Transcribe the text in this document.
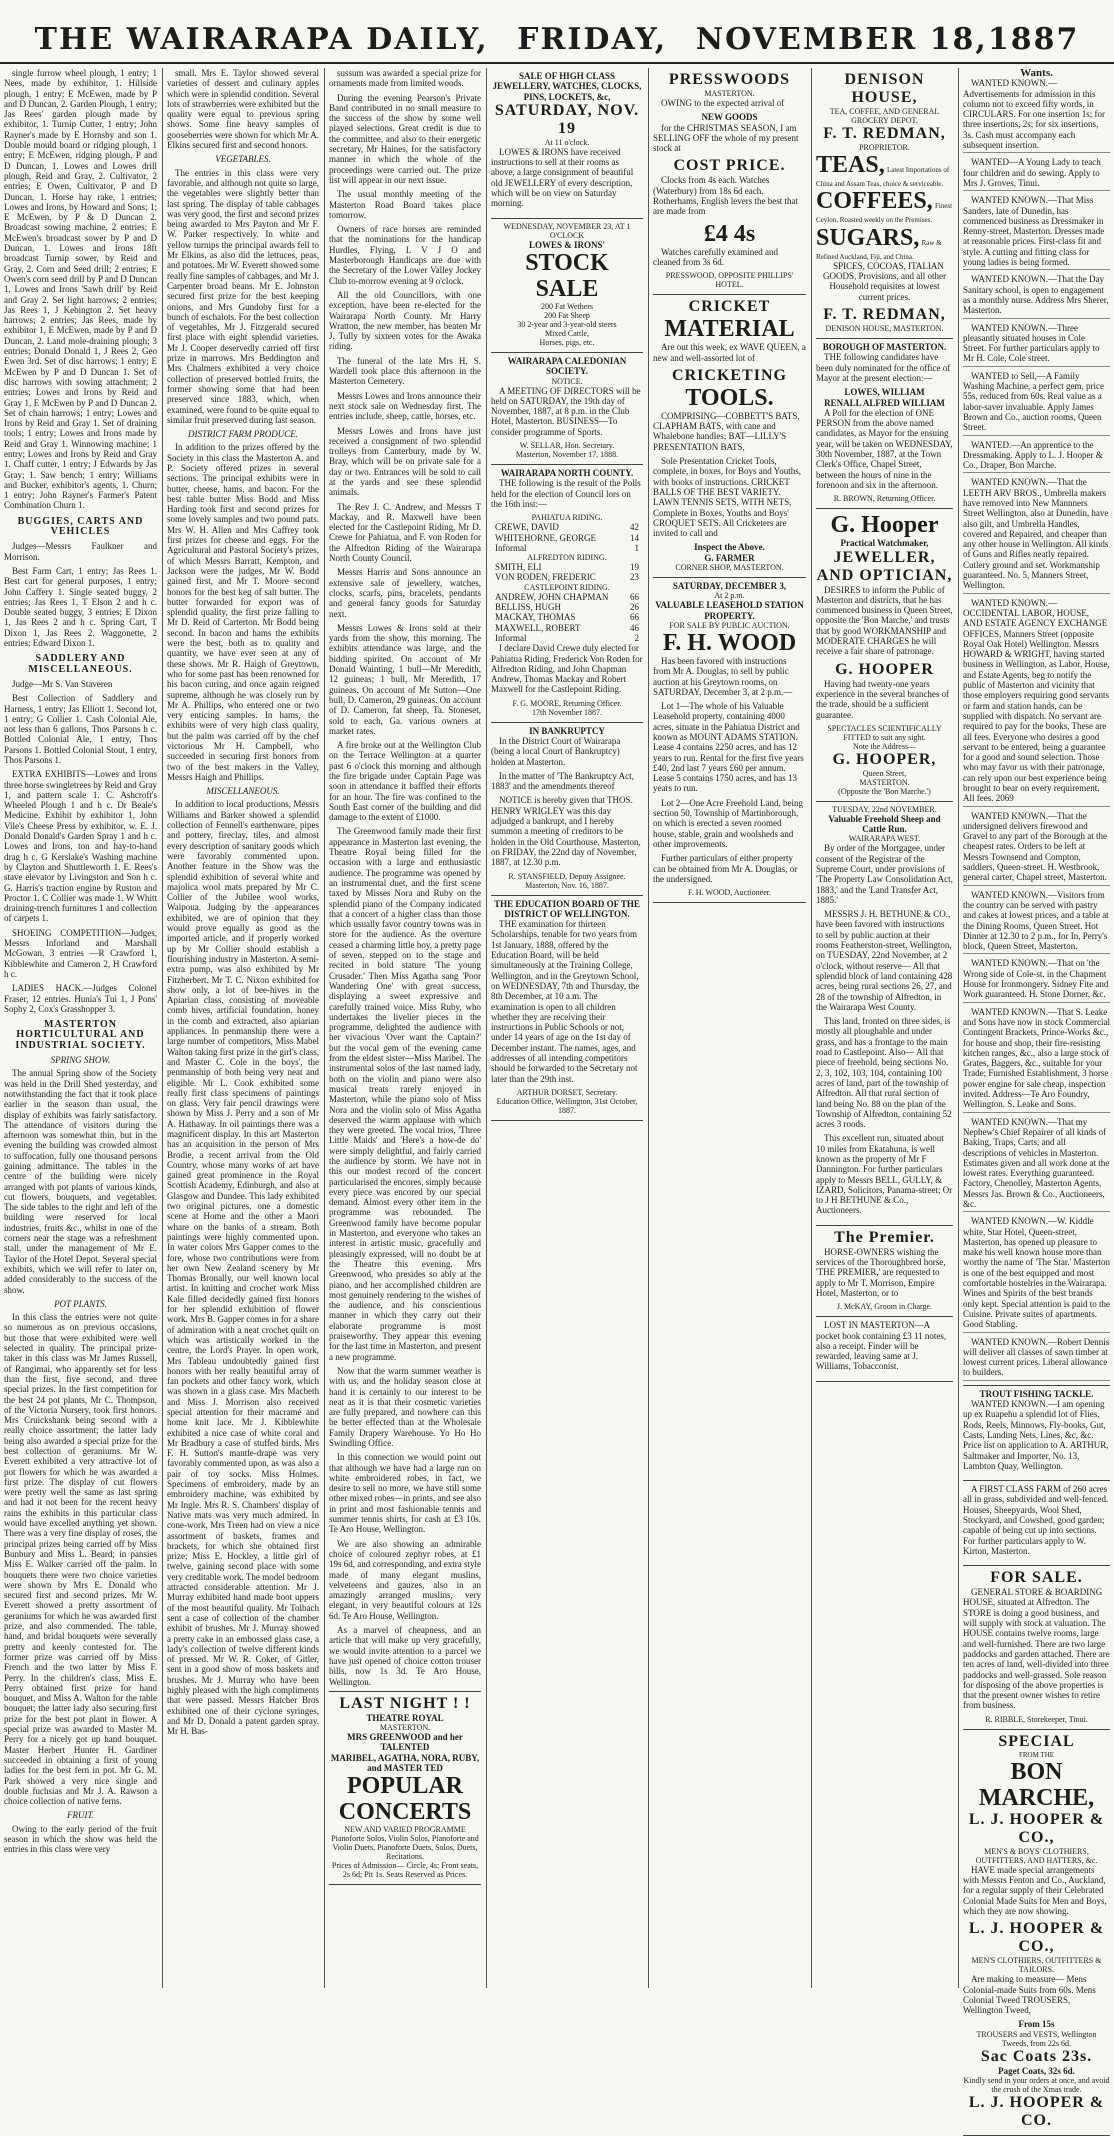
THE WAIRARAPA DAILY, FRIDAY, NOVEMBER 18,1887

single furrow wheel plough, 1 entry; 1 Nees, made by exhibitor, 1. Hillside plough, 1 entry; E McEwen, made by P and D Duncan, 2. Garden Plough, 1 entry; Jas Rees' garden plough made by exhibitor, 1. Turnip Cutter, 1 entry; John Rayner's made by E Hornsby and son 1. Double mould board or ridging plough, 1 entry; E McEwen, ridging plough, P and D Duncan, 1. Lowes and Lowes drill plough, Reid and Gray, 2. Cultivator, 2 entries; E Owen, Cultivator, P and D Duncan, 1. Horse hay rake, 1 entries; Lowes and Irons, by Howard and Sons; 1; E McEwen, by P & D Duncan 2. Broadcast sowing machine, 2 entries; E McEwen's broadcast sower by P and D Duncan, 1. Lowes and Irons 18ft broadcast Turnip sower, by Reid and Gray, 2. Corn and Seed drill; 2 entries; E Owen's corn seed drill by P and D Duncan 1, Lowes and Irons 'Sawh drill' by Reid and Gray 2. Set light harrows; 2 entries; Jas Rees 1, J Kebington 2. Set heavy harrows; 2 entries; Jas Rees, made by exhibitor 1, E McEwen, made by P and D Duncan, 2. Land mole-draining plough; 3 entries; Donald Donald 1, J Rees 2, Geo Ewen 3rd. Set of disc harrows; 1 entry; E McEwen by P and D Duncan 1. Set of disc harrows with sowing attachment; 2 entries; Lowes and Irons by Reid and Gray 1, E McEwen by P and D Duncan 2. Set of chain harrows; 1 entry; Lowes and Irons by Reid and Gray 1. Set of draining tools; 1 entry; Lowes and Irons made by Reid and Gray 1. Winnowing machine; 1 entry; Lowes and Irons by Reid and Gray 1. Chaff cutter, 1 entry; J Edwards by Jas Gray; 1. Saw bench; 1 entry; Williams and Bucker, exhibitor's agents, 1. Churn; 1 entry; John Rayner's Farmer's Patent Combination Churn 1.

BUGGIES, CARTS AND VEHICLES

Judges—Messrs Faulkner and Morrison.

Best Farm Cart, 1 entry; Jas Rees 1. Best cart for general purposes, 1 entry; John Caffery 1. Single seated buggy, 2 entries; Jas Rees 1, T Elson 2 and h c. Double seated buggy, 3 entries; E Dixon 1, Jas Rees 2 and h c. Spring Cart, T Dixon 1, Jas Rees 2. Waggonette, 2 entries; Edward Dixon 1.

SADDLERY AND MISCELLANEOUS.

Judge—Mr S. Van Staveren

Best Collection of Saddlery and Harness, 1 entry; Jas Elliott 1. Second lot, 1 entry; G Collier 1. Cash Colonial Ale, not less than 6 gallons, Thos Parsons h c. Bottled Colonial Ale, 1 entry, Thos Parsons 1. Bottled Colonial Stout, 1 entry, Thos Parsons 1.

EXTRA EXHIBITS—Lowes and Irons three horse swingletrees by Reid and Gray 1, and pattern scale 1. C. Ashcroft's Wheeled Plough 1 and h c. Dr Beale's Medicine. Exhibit by exhibitor 1, John Vile's Cheese Press by exhibitor, w. E. J. Donald Donald's Garden Spray 1 and h c. Lowes and Irons, ton and hay-to-hand drag h c. G Kerslake's Washing machine by Clayton and Shuttleworth 1. E. Rees's stave elevator by Livingston and Son h c. G. Harris's traction engine by Ruston and Proctor 1. C Collier was made 1. W Whitt draining-trench furnitures 1 and collection of carpets 1.

SHOEING COMPETITION—Judges, Messrs Inforland and Marshall McGowan, 3 entries —R Crawford 1, Kibblewhite and Cameron 2, H Crawford h c.

LADIES HACK.—Judges Colonel Fraser, 12 entries. Hunia's Tui 1, J Pons' Sophy 2, Cox's Grasshopper 3.

MASTERTON HORTICULTURAL AND INDUSTRIAL SOCIETY.
SPRING SHOW.

The annual Spring show of the Society was held in the Drill Shed yesterday, and notwithstanding the fact that it took place earlier in the season than usual, the display of exhibits was fairly satisfactory. The attendance of visitors during the afternoon was somewhat thin, but in the evening the building was crowded almost to suffocation, fully one thousand persons gaining admittance. The tables in the centre of the building were nicely arranged with pot plants of various kinds, cut flowers, bouquets, and vegetables. The side tables to the right and left of the building were reserved for local industries, fruits &c., whilst in one of the corners near the stage was a refreshment stall, under the management of Mr E. Taylor of the Hotel Depot. Several special exhibits, which we will refer to later on, added considerably to the success of the show.

POT PLANTS.

In this class the entries were not quite so numerous as on previous occasions, but those that were exhibited were well selected in quality. The principal prize-taker in this class was Mr James Russell, of Rangimai, who apparently set for less than the first, five second, and three special prizes. In the first competition for the best 24 pot plants, Mr C. Thompson, of the Victoria Nursery, took first honors. Mrs Cruickshank being second with a really choice assortment; the latter lady being also awarded a special prize for the best collection of geraniums. Mr W. Everett exhibited a very attractive lot of pot flowers for which he was awarded a first prize. The display of cut flowers were pretty well the same as last spring and had it not been for the recent heavy rains the exhibits in this particular class would have excelled anything yet shown. There was a very fine display of roses, the principal prizes being carried off by Miss Bunbury and Miss L. Beard; in pansies Miss E. Walker carried off the palm. In bouquets there were two choice varieties were shown by Mrs E. Donald who secured first and second prizes. Mr W. Everett showed a pretty assortment of geraniums for which he was awarded first prize, and also commended. The table, hand, and bridal bouquets were severally pretty and keenly contested for. The former prize was carried off by Miss French and the two latter by Miss F. Perry. In the children's class, Miss E. Perry obtained first prize for hand bouquet, and Miss A. Walton for the table bouquet; the latter lady also securing first prize for the best pot plant in flower. A special prize was awarded to Master M. Perry for a nicely got up hand bouquet. Master Herbert Hunter H. Gardiner succeeded in obtaining a first of young ladies for the best fern in pot. Mr G. M. Park showed a very nice single and double fuchsias and Mr J. A. Rawson a choice collection of native ferns.

FRUIT.

Owing to the early period of the fruit season in which the show was held the entries in this class were very

small. Mrs E. Taylor showed several varieties of dessert and culinary apples which were in splendid condition. Several lots of strawberries were exhibited but the quality were equal to previous spring shows. Some fine heavy samples of gooseberries were shown for which Mr A. Elkins secured first and second honors.

VEGETABLES.

The entries in this class were very favorable, and although not quite so large, the vegetables were slightly better than last spring. The display of table cabbages was very good, the first and second prizes being awarded to Mrs Payton and Mr F. W. Parker respectively. In white and yellow turnips the principal awards fell to Mr Elkins, as also did the lettuces, peas, and potatoes. Mr W. Everett showed some really fine samples of cabbages, and Mr J. Carpenter broad beans. Mr E. Johnston secured first prize for the best keeping onions, and Mrs Gundoby first for a bunch of eschalots. For the best collection of vegetables, Mr J. Fitzgerald secured first place with eight splendid varieties. Mr J. Cooper deservedly carried off first prize in marrows. Mrs Beddington and Mrs Chalmers exhibited a very choice collection of preserved bottled fruits, the former showing some that had been preserved since 1883, which, when examined, were found to be quite equal to similar fruit preserved during last season.

DISTRICT FARM PRODUCE.

In addition to the prizes offered by the Society in this class the Masterton A. and P. Society offered prizes in several sections. The principal exhibits were in butter, cheese, hams, and bacon. For the best table butter Miss Bodd and Miss Harding took first and second prizes for some lovely samples and two pound pats. Mrs W. H. Allen and Mrs Caffrey took first prizes for cheese and eggs. For the Agricultural and Pastoral Society's prizes, of which Messrs Barratt, Kempton, and Jackson were the judges, Mr W. Bodd gained first, and Mr T. Moore second honors for the best keg of salt butter. The butter forwarded for export was of splendid quality, the first prize falling to Mr D. Reid of Carterton. Mr Bodd being second. In bacon and hams the exhibits were the best, both as to quality and quantity, we have ever seen at any of these shows. Mr R. Haigh of Greytown, who for some past has been renowned for his bacon curing, and once again reigned supreme, although he was closely run by Mr A. Phillips, who entered one or two very enticing samples. In hams, the exhibits were of very high class quality, but the palm was carried off by the chef victorious Mr H. Campbell, who succeeded in securing first honors from two of the best makers in the Valley, Messrs Haigh and Phillips.

MISCELLANEOUS.

In addition to local productions, Messrs Williams and Barker showed a splendid collection of Fennell's earthenware, pipes and pottery, fireclay, tiles, and almost every description of sanitary goods which were favorably commented upon. Another feature in the Show was the splendid exhibition of several white and majolica wool mats prepared by Mr C. Collier of the Jubilee wool works, Waipoua. Judging by the appearances exhibited, we are of opinion that they would prove equally as good as the imported article, and if properly worked up by Mr Collier should establish a flourishing industry in Masterton. A semi-extra pump, was also exhibited by Mr Fitzherbert. Mr T. C. Nixon exhibited for show only, a lot of bee-hives in the Apiarian class, consisting of moveable comb hives, artificial foundation, honey in the comb and extracted, also apiarian appliances. In penmanship there were a large number of competitors, Miss Mabel Walton taking first prize in the girl's class, and Master C. Cole in the boys', the penmanship of both being very neat and eligible. Mr L. Cook exhibited some really first class specimens of paintings on glass. Very fair pencil drawings were shown by Miss J. Perry and a son of Mr A. Hathaway. In oil paintings there was a magnificent display. In this art Masterton has an acquisition in the person of Mrs Brodie, a recent arrival from the Old Country, whose many works of art have gained great prominence in the Royal Scottish Academy, Edinburgh, and also at Glasgow and Dundee. This lady exhibited two original pictures, one a domestic scene at Home and the other a Maori whare on the banks of a stream. Both paintings were highly commented upon. In water colors Mrs Gapper comes to the fore, whose two contributions were from her own New Zealand scenery by Mr Thomas Bronally, our well known local artist. In knitting and crochet work Miss Kale filled decidedly gained first honors for her splendid exhibition of flower work. Mrs B. Gapper comes in for a share of admiration with a neat crochet quilt on which was artistically worked in the centre, the Lord's Prayer. In open work, Mrs Tableau undoubtedly gained first honors with her really beautiful array of fan pockets and other fancy work, which was shown in a glass case. Mrs Macbeth and Miss J. Morrison also received special attention for their macramé and home knit lace. Mr J. Kibblewhite exhibited a nice case of white coral and Mr Bradbury a case of stuffed birds. Mrs F. H. Sutton's mantle-drape was very favorably commented upon, as was also a pair of toy socks. Miss Holmes. Specimens of embroidery, made by an embroidery machine, was exhibited by Mr Ingle. Mrs R. S. Chambers' display of Native mats was very much admired. In cone-work, Mrs Treen had on view a nice assortment of baskets, frames and brackets, for which she obtained first prize; Miss E. Hockley, a little girl of twelve, gaining second place with some very creditable work. The model bedroom attracted considerable attention. Mr J. Murray exhibited hand made boot uppers of the most beautiful quality. Mr Tolbach sent a case of collection of the chamber exhibit of brushes. Mr J. Murray showed a pretty cake in an embossed glass case, a lady's collection of twelve different kinds of pressed. Mr W. R. Coker, of Gitler, sent in a good show of moss baskets and brushes. Mr J. Murray who have been highly pleased with the high compliments that were passed. Messrs Hatcher Bros exhibited one of their cyclone syringes, and Mr D. Donald a patent garden spray. Mr H. Bas-

sussum was awarded a special prize for ornaments made from limited woods.

During the evening Pearson's Private Band contributed in no small measure to the success of the show by some well played selections. Great credit is due to the committee, and also to their energetic secretary, Mr Haines, for the satisfactory manner in which the whole of the proceedings were carried out. The prize list will appear in our next issue.

The usual monthly meeting of the Masterton Road Board takes place tomorrow.

Owners of race horses are reminded that the nominations for the handicap Hurdles, Flying, L V J O and Masterborough Handicaps are due with the Secretary of the Lower Valley Jockey Club to-morrow evening at 9 o'clock.

All the old Councillors, with one exception, have been re-elected for the Wairarapa North County. Mr Harry Wratton, the new member, has beaten Mr J. Tully by sixteen votes for the Awaka riding.

The funeral of the late Mrs H. S. Wardell took place this afternoon in the Masterton Cemetery.

Messrs Lowes and Irons announce their next stock sale on Wednesday first. The entries include, sheep, cattle, horses, etc.

Messrs Lowes and Irons have just received a consignment of two splendid trolleys from Canterbury, made by W. Bray, which will be on private sale for a day or two. Entrances will be sold to call at the yards and see these splendid animals.

The Rev J. C. Andrew, and Messrs T Mackay, and R. Maxwell have been elected for the Castlepoint Riding, Mr D. Crewe for Pahiatua, and F. von Roden for the Alfredton Riding of the Wairarapa North County Council.

Messrs Harris and Sons announce an extensive sale of jewellery, watches, clocks, scarfs, pins, bracelets, pendants and general fancy goods for Saturday next.

Messrs Lowes & Irons sold at their yards from the show, this morning. The exhibits attendance was large, and the bidding spirited. On account of Mr Donald Wainting, 1 bull—Mr Meredith, 12 guineas; 1 bull, Mr Meredith, 17 guineas. On account of Mr Sutton—One bull, D. Cameron, 29 guineas. On account of D. Cameron, fat sheep, Ta. Stoneset, sold to each, Ga. various owners at market rates.

A fire broke out at the Wellington Club on the Terrace Wellington at a quarter past 6 o'clock this morning and although the fire brigade under Captain Page was soon in attendance it baffled their efforts for an hour. The fire was confined to the South East corner of the building and did damage to the extent of £1000.

The Greenwood family made their first appearance in Masterton last evening, the Theatre Royal being filled for the occasion with a large and enthusiastic audience. The programme was opened by an instrumental duet, and the first scene taxed by Misses Nora and Ruby on the splendid piano of the Company indicated that a concert of a higher class than those which usually favor country towns was in store for the audience. As the overture ceased a charming little boy, a pretty page of seven, stepped on to the stage and recited in bold stature 'The young Crusader.' Then Miss Agatha sang 'Poor Wandering One' with great success, displaying a sweet expressive and carefully trained voice. Miss Ruby, who undertakes the livelier pieces in the programme, delighted the audience with her vivacious 'Over want the Captain?' but the vocal gem of the evening came from the eldest sister—Miss Maribel. The instrumental solos of the last named lady, both on the violin and piano were also musical treats rarely enjoyed in Masterton, while the piano solo of Miss Nora and the violin solo of Miss Agatha deserved the warm applause with which they were greeted. The vocal trios, 'Three Little Maids' and 'Here's a how-de do' were simply delightful, and fairly carried the audience by storm. We have not in this our modest record of the concert particularised the encores, simply because every piece was encored by our special demand. Almost every other item in the programme was rebounded. The Greenwood family have become popular in Masterton, and everyone who takes an interest in artistic music, gracefully and pleasingly expressed, will no doubt be at the Theatre this evening. Mrs Greenwood, who presides so ably at the piano, and her accomplished children are most genuinely rendering to the wishes of the audience, and his conscientious manner in which they carry out their elaborate programme is most praiseworthy. They appear this evening for the last time in Masterton, and present a new programme.

Now that the warm summer weather is with us, and the holiday season close at hand it is certainly to our interest to be neat as it is that their cosmetic varieties are fully prepared, and nowhere can this be better effected than at the Wholesale Family Drapery Warehouse. Yo Ho Ho Swindling Office.

In this connection we would point out that although we have had a large run on white embroidered robes, in fact, we desire to sell no more, we have still some other mixed robes—in prints, and see also in print and most fashionable tennis and summer tennis shirts, for cash at £3 10s. Te Aro House, Wellington.

We are also showing an admirable choice of coloured zephyr robes, at £1 19s 6d, and corresponding, and extra style made of many elegant muslins, velveteens and gauzes, also in an amazingly arranged muslins, very elegant, in very beautiful colours at 12s 6d. Te Aro House, Wellington.

As a marvel of cheapness, and an article that will make up very gracefully, we would invite attention to a parcel we have just opened of choice cotton trouser bills, now 1s 3d. Te Aro House, Wellington.

LAST NIGHT ! !
THEATRE ROYAL
MASTERTON.
MRS GREENWOOD and her TALENTED
MARIBEL, AGATHA, NORA, RUBY, and MASTER TED
POPULAR CONCERTS
NEW AND VARIED PROGRAMME
Pianoforte Solos, Violin Solos, Pianoforte and Violin Duets, Pianoforte Duets, Solos, Duets, Recitations.
Prices of Admission— Circle, 4s; Front seats, 2s 6d; Pit 1s. Seats Reserved as Prices.
SALE OF HIGH CLASS JEWELLERY, WATCHES, CLOCKS, PINS, LOCKETS, &c,
SATURDAY, NOV. 19
At 11 o'clock.

LOWES & IRONS have received instructions to sell at their rooms as above, a large consignment of beautiful old JEWELLERY of every description, which will be on view on Saturday morning.

WEDNESDAY, NOVEMBER 23, AT 1 O'CLOCK
LOWES & IRONS'
STOCK SALE
200 Fat Wethers
200 Fat Sheep
30 2-year and 3-year-old steers
Mixed Cattle,
Horses, pigs, etc.
WAIRARAPA CALEDONIAN SOCIETY.
NOTICE.

A MEETING OF DIRECTORS will be held on SATURDAY, the 19th day of November, 1887, at 8 p.m. in the Club Hotel, Masterton. BUSINESS—To consider programme of Sports.

W. SELLAR, Hon. Secretary.
Masterton, November 17, 1888.
WAIRARAPA NORTH COUNTY.

THE following is the result of the Polls held for the election of Council lors on the 16th inst:—

PAHIATUA RIDING.
CREWE, DAVID	42
WHITEHORNE, GEORGE	14
Informal	1
ALFREDTON RIDING.
SMITH, ELI	19
VON RODEN, FREDERIC	23
CASTLEPOINT RIDING.
ANDREW, JOHN CHAPMAN 66
BELLISS, HUGH	26
MACKAY, THOMAS	66
MAXWELL, ROBERT	46
Informal	2

I declare David Crewe duly elected for Pahiatua Riding, Frederick Von Roden for Alfredton Riding, and John Chapman Andrew, Thomas Mackay and Robert Maxwell for the Castlepoint Riding.

F. G. MOORE, Returning Officer.
17th November 1887.
IN BANKRUPTCY

In the District Court of Wairarapa (being a local Court of Bankruptcy) holden at Masterton.

In the matter of 'The Bankruptcy Act, 1883' and the amendments thereof

NOTICE is hereby given that THOS. HENRY WRIGLEY was this day adjudged a bankrupt, and I hereby summon a meeting of creditors to be holden in the Old Courthouse, Masterton, on FRIDAY, the 22nd day of November, 1887, at 12.30 p.m.

R. STANSFIELD, Deputy Assignee.
Masterton, Nov. 16, 1887.
THE EDUCATION BOARD OF THE DISTRICT OF WELLINGTON.

THE examination for thirteen Scholarships, tenable for two years from 1st January, 1888, offered by the Education Board, will be held simultaneously at the Training College, Wellington, and in the Greytown School, on WEDNESDAY, 7th and Thursday, the 8th December, at 10 a.m. The examination is open to all children whether they are receiving their instructions in Public Schools or not, under 14 years of age on the 1st day of December instant. The names, ages, and addresses of all intending competitors should be forwarded to the Secretary not later than the 29th inst.

ARTHUR DORSET, Secretary.
Education Office, Wellington, 31st October, 1887.
PRESSWOODS
MASTERTON.

OWING to the expected arrival of

NEW GOODS

for the CHRISTMAS SEASON, I am SELLING OFF the whole of my present stock at

COST PRICE.

Clocks from 4s each. Watches (Waterbury) from 18s 6d each. Rotherhams, English levers the best that are made from

£4 4s

Watches carefully examined and cleaned from 3s 6d.

PRESSWOOD, OPPOSITE PHILLIPS' HOTEL.
CRICKET
MATERIAL

Are out this week, ex WAVE QUEEN, a new and well-assorted lot of

CRICKETING
TOOLS.

COMPRISING—COBBETT'S BATS, CLAPHAM BATS, with cane and Whalebone handles; BAT—LILLY'S PRESENTATION BATS,

Sole Presentation Cricket Tools, complete, in boxes, for Boys and Youths, with books of instructions. CRICKET BALLS OF THE BEST VARIETY. LAWN TENNIS SETS, WITH NETS, Complete in Boxes, Youths and Boys' CROQUET SETS. All Cricketers are invited to call and

Inspect the Above.
G. FARMER
CORNER SHOP, MASTERTON.
SATURDAY, DECEMBER 3,
At 2 p.m.
VALUABLE LEASEHOLD STATION PROPERTY.
FOR SALE BY PUBLIC AUCTION.
F. H. WOOD

Has been favored with instructions from Mr A. Douglas, to sell by public auction at his Greytown rooms, on SATURDAY, December 3, at 2 p.m.—

Lot 1—The whole of his Valuable Leasehold property, containing 4000 acres, situate in the Pahiatua District and known as MOUNT ADAMS STATION. Lease 4 contains 2250 acres, and has 12 years to run. Rental for the first five years £40, 2nd last 7 years £60 per annum. Lease 5 contains 1750 acres, and has 13 years to run.

Lot 2—One Acre Freehold Land, being section 50, Township of Martinborough, on which is erected a seven roomed house, stable, grain and woolsheds and other improvements.

Further particulars of either property can be obtained from Mr A. Douglas, or the undersigned.

F. H. WOOD, Auctioneer.
DENISON HOUSE,
TEA, COFFEE, AND GENERAL GROCERY DEPOT.
F. T. REDMAN,
PROPRIETOR.
TEAS, Latest Importations of China and Assam Teas, choice & serviceable.
COFFEES, Finest Ceylon, Roasted weekly on the Premises.
SUGARS, Raw & Refined Auckland, Fiji, and China.

SPICES, COCOAS, ITALIAN GOODS, Provisions, and all other Household requisites at lowest current prices.

F. T. REDMAN,
DENISON HOUSE, MASTERTON.
BOROUGH OF MASTERTON.

THE following candidates have been duly nominated for the office of Mayor at the present election:—

LOWES, WILLIAM
RENALL ALFRED WILLIAM

A Poll for the election of ONE PERSON from the above named candidates, as Mayor for the ensuing year, will be taken on WEDNESDAY, 30th November, 1887, at the Town Clerk's Office, Chapel Street, between the hours of nine in the forenoon and six in the afternoon.

R. BROWN, Returning Officer.
G. Hooper
Practical Watchmaker,
JEWELLER,
AND OPTICIAN,

DESIRES to inform the Public of Masterton and districts, that he has commenced business in Queen Street, opposite the 'Bon Marche,' and trusts that by good WORKMANSHIP and MODERATE CHARGES he will receive a fair share of patronage.

G. HOOPER

Having had twenty-one years experience in the several branches of the trade, should be a sufficient guarantee.

SPECTACLES SCIENTIFICALLY FITTED to suit any sight.
Note the Address—
G. HOOPER,
Queen Street,
MASTERTON.
(Opposite the 'Bon Marche.')
TUESDAY, 22nd NOVEMBER.
Valuable Freehold Sheep and Cattle Run.
WAIRARAPA WEST.

By order of the Mortgagee, under consent of the Registrar of the Supreme Court, under provisions of 'The Property Law Consolidation Act, 1883,' and the 'Land Transfer Act, 1885.'

MESSRS J. H. BETHUNE & CO., have been favored with instructions to sell by public auction at their rooms Featherston-street, Wellington, on TUESDAY, 22nd November, at 2 o'clock, without reserve— All that splendid block of land containing 428 acres, being rural sections 26, 27, and 28 of the township of Alfredton, in the Wairarapa West County.

This land, fronted on three sides, is mostly all ploughable and under grass, and has a frontage to the main road to Castlepoint. Also— All that piece of freehold, being sections No. 2, 3, 102, 103, 104, containing 100 acres of land, part of the township of Alfredton. All that rural section of land being No. 88 on the plan of the Township of Alfredton, containing 52 acres 3 roods.

This excellent run, situated about 10 miles from Ekatahuna, is well known as the property of Mr F Dannington. For further particulars apply to Messrs BELL, GULLY, & IZARD, Solicitors, Panama-street; Or to J H BETHUNE & Co., Auctioneers.

The Premier.

HORSE-OWNERS wishing the services of the Thoroughbred horse, 'THE PREMIER,' are requested to apply to Mr T. Morrison, Empire Hotel, Masterton, or to

J. McKAY, Groom in Charge.

LOST IN MASTERTON—A pocket book containing £3 11 notes, also a receipt. Finder will be rewarded, leaving same at J. Williams, Tobacconist.

Wants.

WANTED KNOWN.—Advertisements for admission in this column not to exceed fifty words, in CIRCULARS. For one insertion 1s; for three insertions, 2s; for six insertions, 3s. Cash must accompany each subsequent insertion.

WANTED—A Young Lady to teach four children and do sewing. Apply to Mrs J. Groves, Tinui.

WANTED KNOWN.—That Miss Sanders, late of Dunedin, has commenced business as Dressmaker in Renny-street, Masterton. Dresses made at reasonable prices. First-class fit and style. A cutting and fitting class for young ladies is being formed.

WANTED KNOWN.—That the Day Sanitary school, is open to engagement as a monthly nurse. Address Mrs Sherer, Masterton.

WANTED KNOWN.—Three pleasantly situated houses in Cole Street. For further particulars apply to Mr H. Cole, Cole street.

WANTED to Sell,—A Family Washing Machine, a perfect gem, price 55s, reduced from 60s. Real value as a labor-saver invaluable. Apply James Brown and Co., auction rooms, Queen Street.

WANTED.—An apprentice to the Dressmaking. Apply to L. J. Hooper & Co., Draper, Bon Marche.

WANTED KNOWN.—That the LEETH ARV BROS., Umbrella makers have removed into New Mannners Street Wellington, also at Dunedin, have also gilt, and Umbrella Handles, covered and Repaired, and cheaper than any other house in Wellington. All kinds of Guns and Rifles neatly repaired. Cutlery ground and set. Workmanship guaranteed. No. 5, Manners Street, Wellington.

WANTED KNOWN.—OCCIDENTAL LABOR, HOUSE, AND ESTATE AGENCY EXCHANGE OFFICES, Manners Street (opposite Royal Oak Hotel) Wellington. Messrs HOWARD & WRIGHT, having started business in Wellington, as Labor, House, and Estate Agents, beg to notify the public of Masterton and vicinity that those employers requiring good servants or farm and station hands, can be supplied with dispatch. No servant are required to pay for the books, These are all fees. Everyone who desires a good servant to be entered, being a guarantee for a good and sound selection. Those who may favor us with their patronage, can rely upon our best experience being brought to bear on every requirement. All fees. 2069

WANTED KNOWN.—That the undersigned delivers firewood and Gravel to any part of the Borough at the cheapest rates. Orders to be left at Messrs Townsend and Compton, saddlers, Queen-street. H. Westbrook, general carter, Chapel street, Masterton.

WANTED KNOWN.—Visitors from the country can be served with pastry and cakes at lowest prices, and a table at the Dining Rooms, Queen Street. Hot Dinner at 12.30 to 2 p.m., for In, Perry's block, Queen Street, Masterton.

WANTED KNOWN.—That on 'the Wrong side of Cole-st. in the Chapment House for Ironmongery. Sidney Fite and Work guaranteed. H. Stone Dorner, &c.

WANTED KNOWN.—That S. Leake and Sons have now in stock Commercial Contingent Brackets, Prince-Works &c., for house and shop, their fire-resisting kitchen ranges, &c., also a large stock of Grates, Baggers, &c., suitable for your Trade; Furnished Establishment, 3 horse power engine for sale cheap, inspection invited. Address—Te Aro Foundry, Wellington. S. Leake and Sons.

WANTED KNOWN.—That my Nephew's Chief Repairer of all kinds of Baking, Traps, Carts, and all descriptions of vehicles in Masterton. Estimates given and all work done at the lowest rates. Everything guaranteed. Factory, Chenolley, Masterton Agents, Messrs Jas. Brown & Co., Auctioneers, &c.

WANTED KNOWN.—W. Kiddle white, Star Hotel, Queen-street, Masterton, has opened up pleasure to make his well known house more than worthy the name of 'The Star.' Masterton is one of the best equipped and most comfortable hostelries in the Wairarapa. Wines and Spirits of the best brands only kept. Special attention is paid to the Cuisine. Private suites of apartments. Good Stabling.

WANTED KNOWN.—Robert Dennis will deliver all classes of sawn timber at lowest current prices. Liberal allowance to builders.

TROUT FISHING TACKLE.

WANTED KNOWN.—I am opening up ex Ruapehu a splendid lot of Flies, Rods, Reels, Minnows, Fly-books, Gut, Casts, Landing Nets, Lines, &c, &c. Price list on application to A. ARTHUR, Saltmaker and Importer, No. 13, Lambton Quay, Wellington.

A FIRST CLASS FARM of 260 acres all in grass, subdivided and well-fenced. Houses, Sheepyards, Wool Shed, Stockyard, and Cowshed, good garden; capable of being cut up into sections. For further particulars apply to W. Kirton, Masterton.

FOR SALE.

GENERAL STORE & BOARDING HOUSE, situated at Alfredton. The STORE is doing a good business, and will supply with stock at valuation. The HOUSE contains twelve rooms, large and well-furnished. There are two large paddocks and garden attached. There are ten acres of land, well-divided into three paddocks and well-grassed. Sole reason for disposing of the above properties is that the present owner wishes to retire from business.

R. RIBBLE, Storekeeper, Tinui.
SPECIAL
FROM THE
BON MARCHE,
L. J. HOOPER & CO.,
MEN'S & BOYS' CLOTHIERS, OUTFITTERS, AND HATTERS, &c.

HAVE made special arrangements with Messrs Fenton and Co., Auckland, for a regular supply of their Celebrated Colonial Made Suits for Men and Boys, which they are now showing.

L. J. HOOPER & CO.,
MEN'S CLOTHIERS, OUTFITTERS & TAILORS.

Are making to measure— Mens Colonial-made Suits from 60s. Mens Colonial Tweed TROUSERS, Wellington Tweed,

From 15s
TROUSERS and VESTS, Wellington Tweeds, from 22s 6d.
Sac Coats 23s.
Paget Coats, 32s 6d.
Kindly send in your orders at once, and avoid the crush of the Xmas trade.
L. J. HOOPER & CO.
